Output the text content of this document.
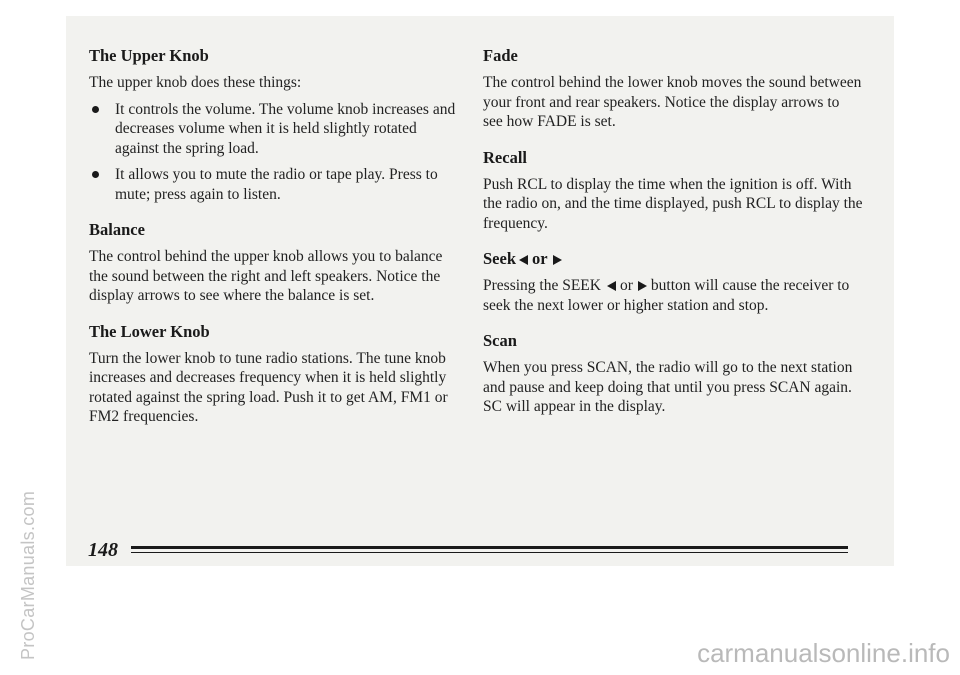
The Upper Knob

The upper knob does these things:

It controls the volume. The volume knob increases and decreases volume when it is held slightly rotated against the spring load.
It allows you to mute the radio or tape play. Press to mute; press again to listen.
Balance

The control behind the upper knob allows you to balance the sound between the right and left speakers. Notice the display arrows to see where the balance is set.

The Lower Knob

Turn the lower knob to tune radio stations. The tune knob increases and decreases frequency when it is held slightly rotated against the spring load. Push it to get AM, FM1 or FM2 frequencies.

Fade

The control behind the lower knob moves the sound between your front and rear speakers. Notice the display arrows to see how FADE is set.

Recall

Push RCL to display the time when the ignition is off. With the radio on, and the time displayed, push RCL to display the frequency.

Seek or

Pressing the SEEK or button will cause the receiver to seek the next lower or higher station and stop.

Scan

When you press SCAN, the radio will go to the next station and pause and keep doing that until you press SCAN again. SC will appear in the display.

148
ProCarManuals.com	carmanualsonline.info
